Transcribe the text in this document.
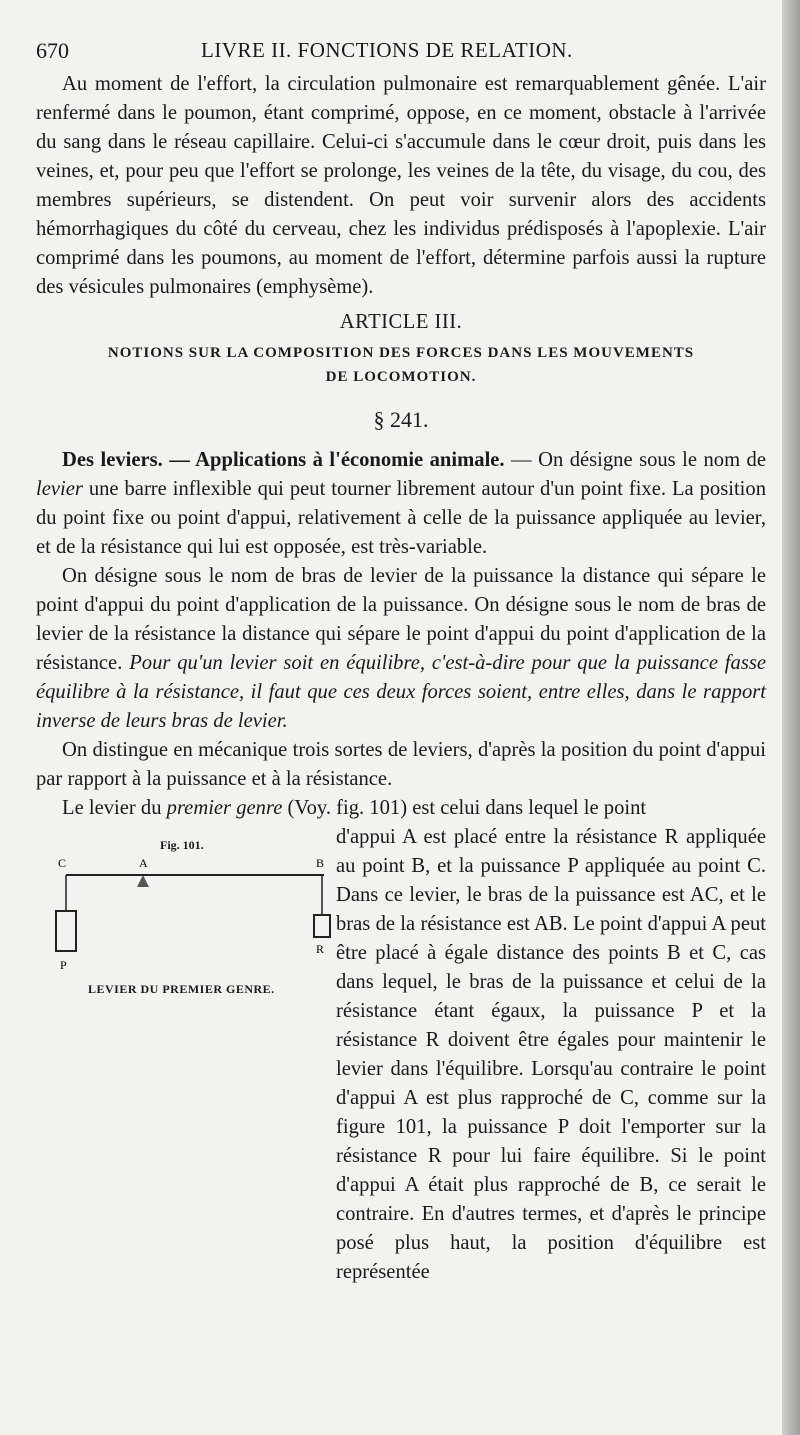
670	LIVRE II. FONCTIONS DE RELATION.

Au moment de l'effort, la circulation pulmonaire est remarquablement gênée. L'air renfermé dans le poumon, étant comprimé, oppose, en ce moment, obstacle à l'arrivée du sang dans le réseau capillaire. Celui-ci s'accumule dans le cœur droit, puis dans les veines, et, pour peu que l'effort se prolonge, les veines de la tête, du visage, du cou, des membres supérieurs, se distendent. On peut voir survenir alors des accidents hémorrhagiques du côté du cerveau, chez les individus prédisposés à l'apoplexie. L'air comprimé dans les poumons, au moment de l'effort, détermine parfois aussi la rupture des vésicules pulmonaires (emphysème).

ARTICLE III.

NOTIONS SUR LA COMPOSITION DES FORCES DANS LES MOUVEMENTS
DE LOCOMOTION.

§ 241.

Des leviers. — Applications à l'économie animale. — On désigne sous le nom de levier une barre inflexible qui peut tourner librement autour d'un point fixe. La position du point fixe ou point d'appui, relativement à celle de la puissance appliquée au levier, et de la résistance qui lui est opposée, est très-variable.

On désigne sous le nom de bras de levier de la puissance la distance qui sépare le point d'appui du point d'application de la puissance. On désigne sous le nom de bras de levier de la résistance la distance qui sépare le point d'appui du point d'application de la résistance. Pour qu'un levier soit en équilibre, c'est-à-dire pour que la puissance fasse équilibre à la résistance, il faut que ces deux forces soient, entre elles, dans le rapport inverse de leurs bras de levier.

On distingue en mécanique trois sortes de leviers, d'après la position du point d'appui par rapport à la puissance et à la résistance.

Le levier du premier genre (Voy. fig. 101) est celui dans lequel le point

Fig. 101.
C	A	B
P
R
LEVIER DU PREMIER GENRE.

d'appui A est placé entre la résistance R appliquée au point B, et la puissance P appliquée au point C. Dans ce levier, le bras de la puissance est AC, et le bras de la résistance est AB. Le point d'appui A peut être placé à égale distance des points B et C, cas dans lequel, le bras de la puissance et celui de la résistance étant égaux, la puissance P et la résistance R doivent être égales pour maintenir le levier dans l'équilibre. Lorsqu'au contraire le point d'appui A est plus rapproché de C, comme sur la figure 101, la puissance P doit l'emporter sur la résistance R pour lui faire équilibre. Si le point d'appui A était plus rapproché de B, ce serait le contraire. En d'autres termes, et d'après le principe posé plus haut, la position d'équilibre est représentée
